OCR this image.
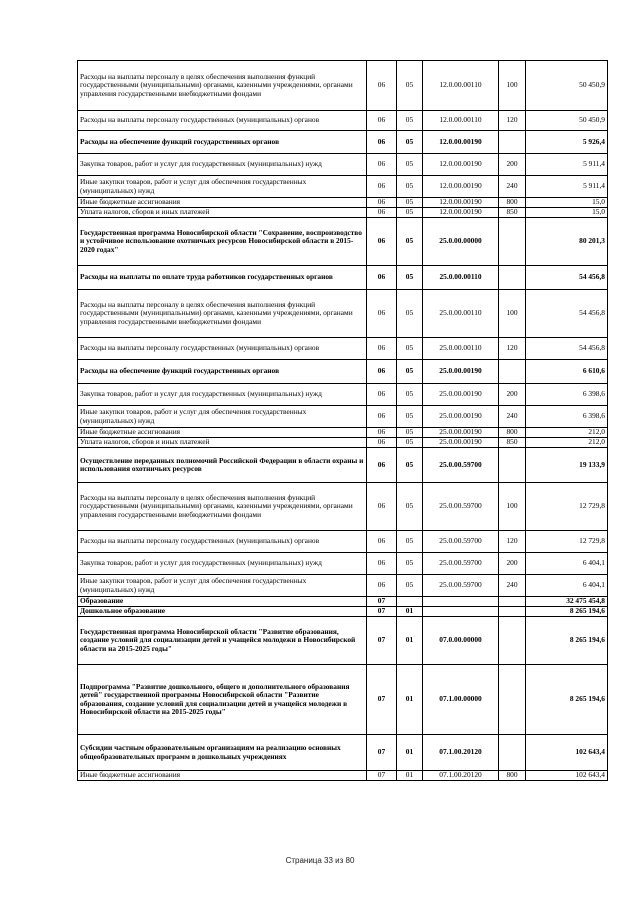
Расходы на выплаты персоналу в целях обеспечения выполнения функций государственными (муниципальными) органами, казенными учреждениями, органами управления государственными внебюджетными фондами	06	05	12.0.00.00110	100	50 450,9
Расходы на выплаты персоналу государственных (муниципальных) органов	06	05	12.0.00.00110	120	50 450,9
Расходы на обеспечение функций государственных органов	06	05	12.0.00.00190		5 926,4
Закупка товаров, работ и услуг для государственных (муниципальных) нужд	06	05	12.0.00.00190	200	5 911,4
Иные закупки товаров, работ и услуг для обеспечения государственных (муниципальных) нужд	06	05	12.0.00.00190	240	5 911,4
Иные бюджетные ассигнования	06	05	12.0.00.00190	800	15,0
Уплата налогов, сборов и иных платежей	06	05	12.0.00.00190	850	15,0
Государственная программа Новосибирской области "Сохранение, воспроизводство и устойчивое использование охотничьих ресурсов Новосибирской области в 2015-2020 годах"	06	05	25.0.00.00000		80 201,3
Расходы на выплаты по оплате труда работников государственных органов	06	05	25.0.00.00110		54 456,8
Расходы на выплаты персоналу в целях обеспечения выполнения функций государственными (муниципальными) органами, казенными учреждениями, органами управления государственными внебюджетными фондами	06	05	25.0.00.00110	100	54 456,8
Расходы на выплаты персоналу государственных (муниципальных) органов	06	05	25.0.00.00110	120	54 456,8
Расходы на обеспечение функций государственных органов	06	05	25.0.00.00190		6 610,6
Закупка товаров, работ и услуг для государственных (муниципальных) нужд	06	05	25.0.00.00190	200	6 398,6
Иные закупки товаров, работ и услуг для обеспечения государственных (муниципальных) нужд	06	05	25.0.00.00190	240	6 398,6
Иные бюджетные ассигнования	06	05	25.0.00.00190	800	212,0
Уплата налогов, сборов и иных платежей	06	05	25.0.00.00190	850	212,0
Осуществление переданных полномочий Российской Федерации в области охраны и использования охотничьих ресурсов	06	05	25.0.00.59700		19 133,9
Расходы на выплаты персоналу в целях обеспечения выполнения функций государственными (муниципальными) органами, казенными учреждениями, органами управления государственными внебюджетными фондами	06	05	25.0.00.59700	100	12 729,8
Расходы на выплаты персоналу государственных (муниципальных) органов	06	05	25.0.00.59700	120	12 729,8
Закупка товаров, работ и услуг для государственных (муниципальных) нужд	06	05	25.0.00.59700	200	6 404,1
Иные закупки товаров, работ и услуг для обеспечения государственных (муниципальных) нужд	06	05	25.0.00.59700	240	6 404,1
Образование	07				32 475 454,8
Дошкольное образование	07	01			8 265 194,6
Государственная программа Новосибирской области "Развитие образования, создание условий для социализации детей и учащейся молодежи в Новосибирской области на 2015-2025 годы"	07	01	07.0.00.00000		8 265 194,6
Подпрограмма "Развитие дошкольного, общего и дополнительного образования детей" государственной программы Новосибирской области "Развитие образования, создание условий для социализации детей и учащейся молодежи в Новосибирской области на 2015-2025 годы"	07	01	07.1.00.00000		8 265 194,6
Субсидии частным образовательным организациям на реализацию основных общеобразовательных программ в дошкольных учреждениях	07	01	07.1.00.20120		102 643,4
Иные бюджетные ассигнования	07	01	07.1.00.20120	800	102 643,4
Страница 33 из 80
